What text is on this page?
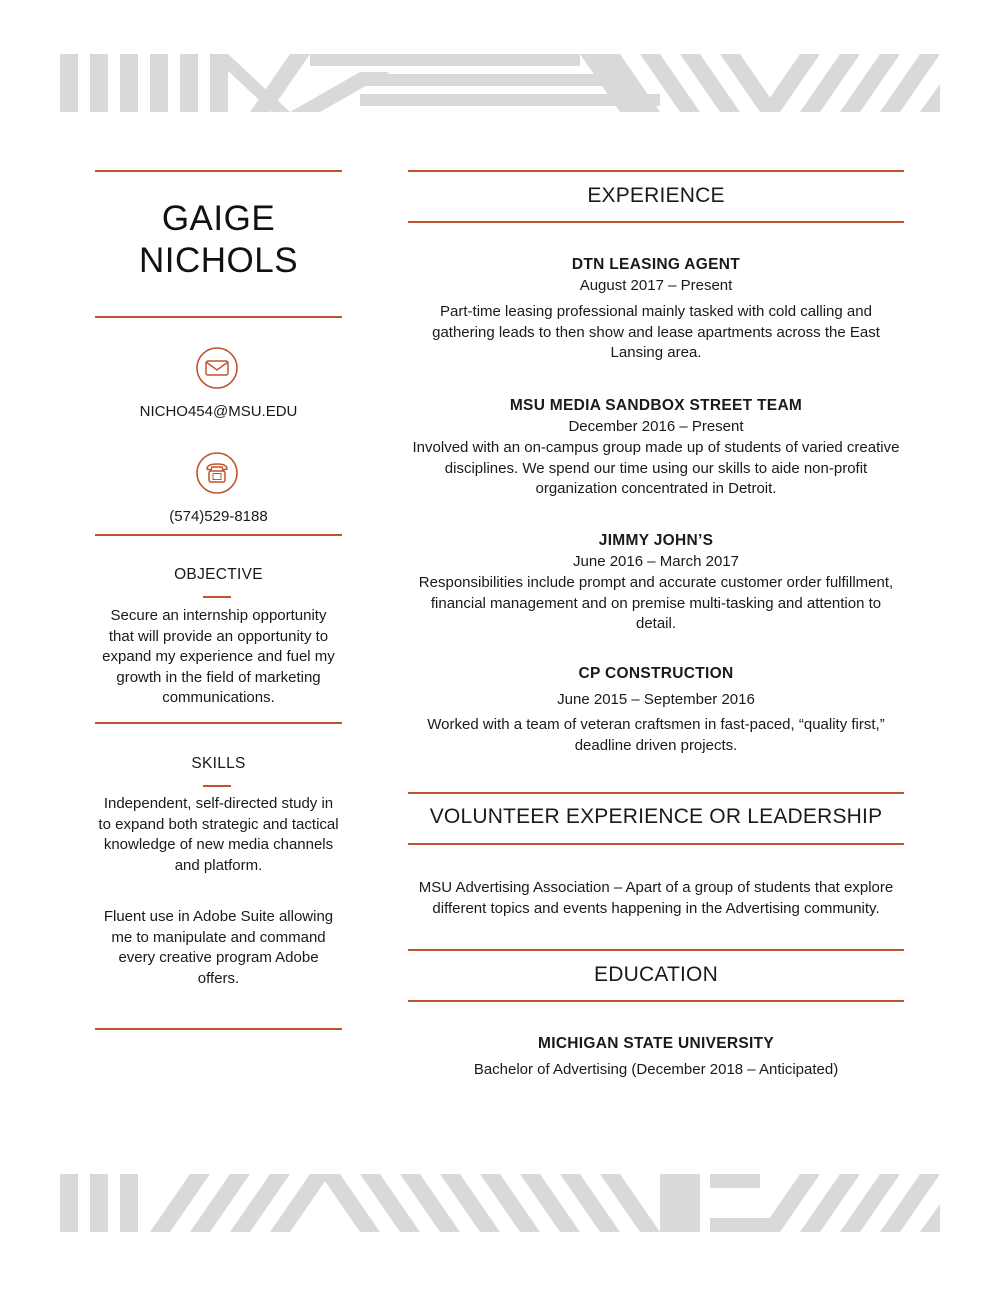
GAIGE
NICHOLS
NICHO454@MSU.EDU
(574)529-8188
OBJECTIVE
Secure an internship opportunity
that will provide an opportunity to
expand my experience and fuel my
growth in the field of marketing
communications.
SKILLS
Independent, self-directed study in
to expand both strategic and tactical
knowledge of new media channels
and platform.
Fluent use in Adobe Suite allowing
me to manipulate and command
every creative program Adobe
offers.
EXPERIENCE
DTN LEASING AGENT
August 2017 – Present
Part-time leasing professional mainly tasked with cold calling and
gathering leads to then show and lease apartments across the East
Lansing area.
MSU MEDIA SANDBOX STREET TEAM
December 2016 – Present
Involved with an on-campus group made up of students of varied creative
disciplines. We spend our time using our skills to aide non-profit
organization concentrated in Detroit.
JIMMY JOHN’S
June 2016 – March 2017
Responsibilities include prompt and accurate customer order fulfillment,
financial management and on premise multi-tasking and attention to
detail.
CP CONSTRUCTION
June 2015 – September 2016
Worked with a team of veteran craftsmen in fast-paced, “quality first,”
deadline driven projects.
VOLUNTEER EXPERIENCE OR LEADERSHIP
MSU Advertising Association – Apart of a group of students that explore
different topics and events happening in the Advertising community.
EDUCATION
MICHIGAN STATE UNIVERSITY
Bachelor of Advertising (December 2018 – Anticipated)
